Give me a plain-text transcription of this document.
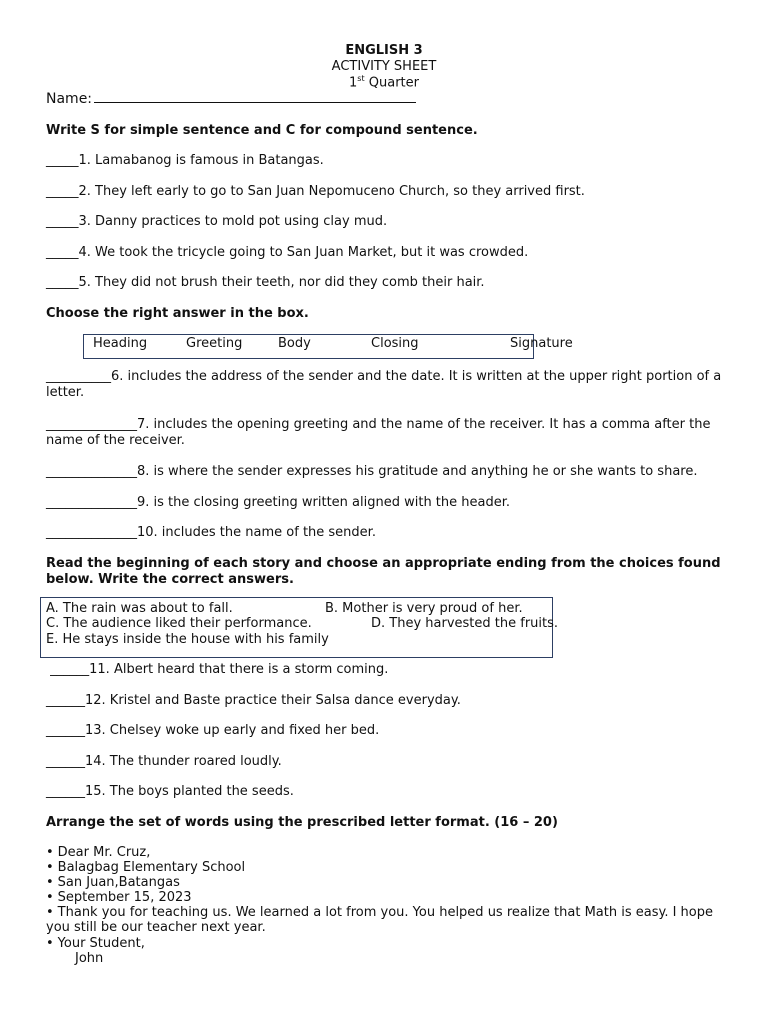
ENGLISH 3
ACTIVITY SHEET
1st Quarter
Name:
Write S for simple sentence and C for compound sentence.
_____1. Lamabanog is famous in Batangas.
_____2. They left early to go to San Juan Nepomuceno Church, so they arrived first.
_____3. Danny practices to mold pot using clay mud.
_____4. We took the tricycle going to San Juan Market, but it was crowded.
_____5. They did not brush their teeth, nor did they comb their hair.
Choose the right answer in the box.
Heading	Greeting	Body	Closing	Signature
__________6. includes the address of the sender and the date. It is written at the upper right portion of a letter.
______________7. includes the opening greeting and the name of the receiver. It has a comma after the name of the receiver.
______________8. is where the sender expresses his gratitude and anything he or she wants to share.
______________9. is the closing greeting written aligned with the header.
______________10. includes the name of the sender.
Read the beginning of each story and choose an appropriate ending from the choices found below. Write the correct answers.
A. The rain was about to fall.	B. Mother is very proud of her.
C. The audience liked their performance.	D. They harvested the fruits.
E. He stays inside the house with his family
______11. Albert heard that there is a storm coming.
______12. Kristel and Baste practice their Salsa dance everyday.
______13. Chelsey woke up early and fixed her bed.
______14. The thunder roared loudly.
______15. The boys planted the seeds.
Arrange the set of words using the prescribed letter format. (16 – 20)
• Dear Mr. Cruz,
• Balagbag Elementary School
• San Juan,Batangas
• September 15, 2023
• Thank you for teaching us. We learned a lot from you. You helped us realize that Math is easy. I hope you still be our teacher next year.
• Your Student,
John
